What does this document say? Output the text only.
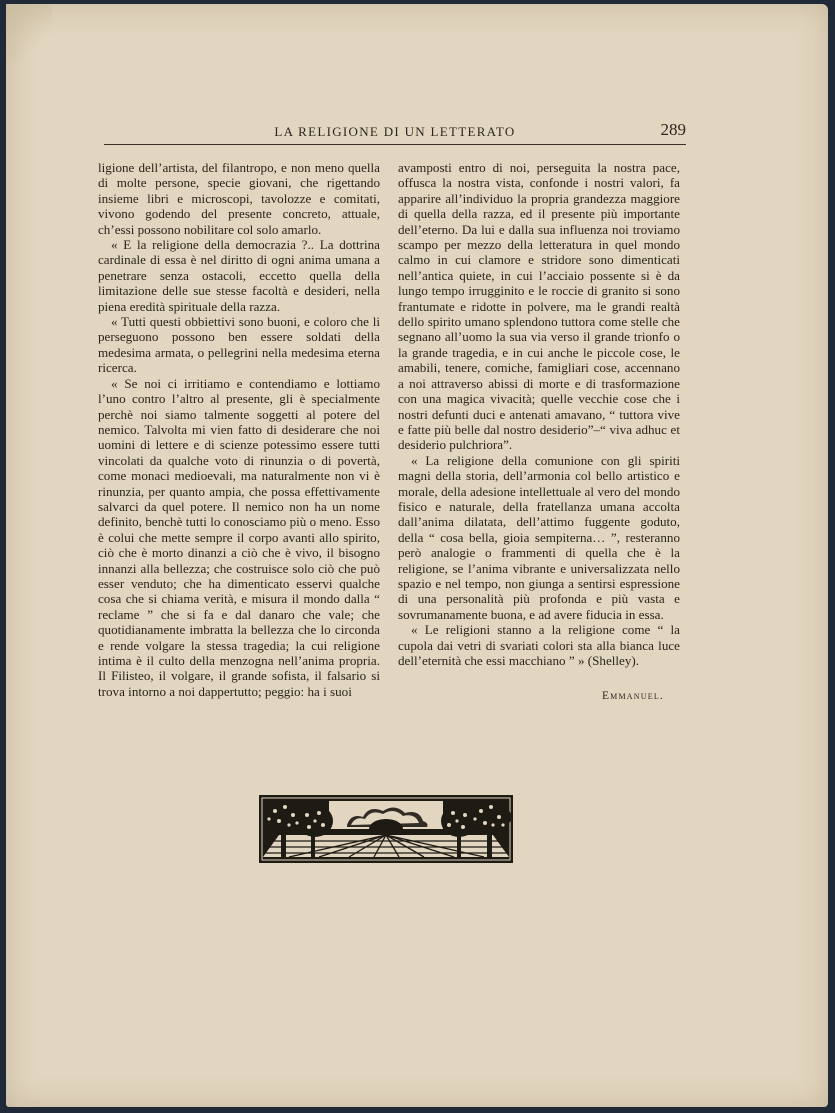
LA RELIGIONE DI UN LETTERATO	289

ligione dell’artista, del filantropo, e non meno quella di molte persone, specie giovani, che rigettando insieme libri e microscopi, tavolozze e comitati, vivono godendo del presente concreto, attuale, ch’essi possono nobilitare col solo amarlo.

« E la religione della democrazia ?.. La dottrina cardinale di essa è nel diritto di ogni anima umana a penetrare senza ostacoli, eccetto quella della limitazione delle sue stesse facoltà e desideri, nella piena eredità spirituale della razza.

« Tutti questi obbiettivi sono buoni, e coloro che li perseguono possono ben essere soldati della medesima armata, o pellegrini nella medesima eterna ricerca.

« Se noi ci irritiamo e contendiamo e lottiamo l’uno contro l’altro al presente, gli è specialmente perchè noi siamo talmente soggetti al potere del nemico. Talvolta mi vien fatto di desiderare che noi uomini di lettere e di scienze potessimo essere tutti vincolati da qualche voto di rinunzia o di povertà, come monaci medioevali, ma naturalmente non vi è rinunzia, per quanto ampia, che possa effettivamente salvarci da quel potere. Il nemico non ha un nome definito, benchè tutti lo conosciamo più o meno. Esso è colui che mette sempre il corpo avanti allo spirito, ciò che è morto dinanzi a ciò che è vivo, il bisogno innanzi alla bellezza; che costruisce solo ciò che può esser venduto; che ha dimenticato esservi qualche cosa che si chiama verità, e misura il mondo dalla “ reclame ” che si fa e dal danaro che vale; che quotidianamente imbratta la bellezza che lo circonda e rende volgare la stessa tragedia; la cui religione intima è il culto della menzogna nell’anima propria. Il Filisteo, il volgare, il grande sofista, il falsario si trova intorno a noi dappertutto; peggio: ha i suoi

avamposti entro di noi, perseguita la nostra pace, offusca la nostra vista, confonde i nostri valori, fa apparire all’individuo la propria grandezza maggiore di quella della razza, ed il presente più importante dell’eterno. Da lui e dalla sua influenza noi troviamo scampo per mezzo della letteratura in quel mondo calmo in cui clamore e stridore sono dimenticati nell’antica quiete, in cui l’acciaio possente si è da lungo tempo irrugginito e le roccie di granito si sono frantumate e ridotte in polvere, ma le grandi realtà dello spirito umano splendono tuttora come stelle che segnano all’uomo la sua via verso il grande trionfo o la grande tragedia, e in cui anche le piccole cose, le amabili, tenere, comiche, famigliari cose, accennano a noi attraverso abissi di morte e di trasformazione con una magica vivacità; quelle vecchie cose che i nostri defunti duci e antenati amavano, “ tuttora vive e fatte più belle dal nostro desiderio”–“ viva adhuc et desiderio pulchriora”.

« La religione della comunione con gli spiriti magni della storia, dell’armonia col bello artistico e morale, della adesione intellettuale al vero del mondo fisico e naturale, della fratellanza umana accolta dall’anima dilatata, dell’attimo fuggente goduto, della “ cosa bella, gioia sempiterna… ”, resteranno però analogie o frammenti di quella che è la religione, se l’anima vibrante e universalizzata nello spazio e nel tempo, non giunga a sentirsi espressione di una personalità più profonda e più vasta e sovrumanamente buona, e ad avere fiducia in essa.

« Le religioni stanno a la religione come “ la cupola dai vetri di svariati colori sta alla bianca luce dell’eternità che essi macchiano ” » (Shelley).

Emmanuel.
